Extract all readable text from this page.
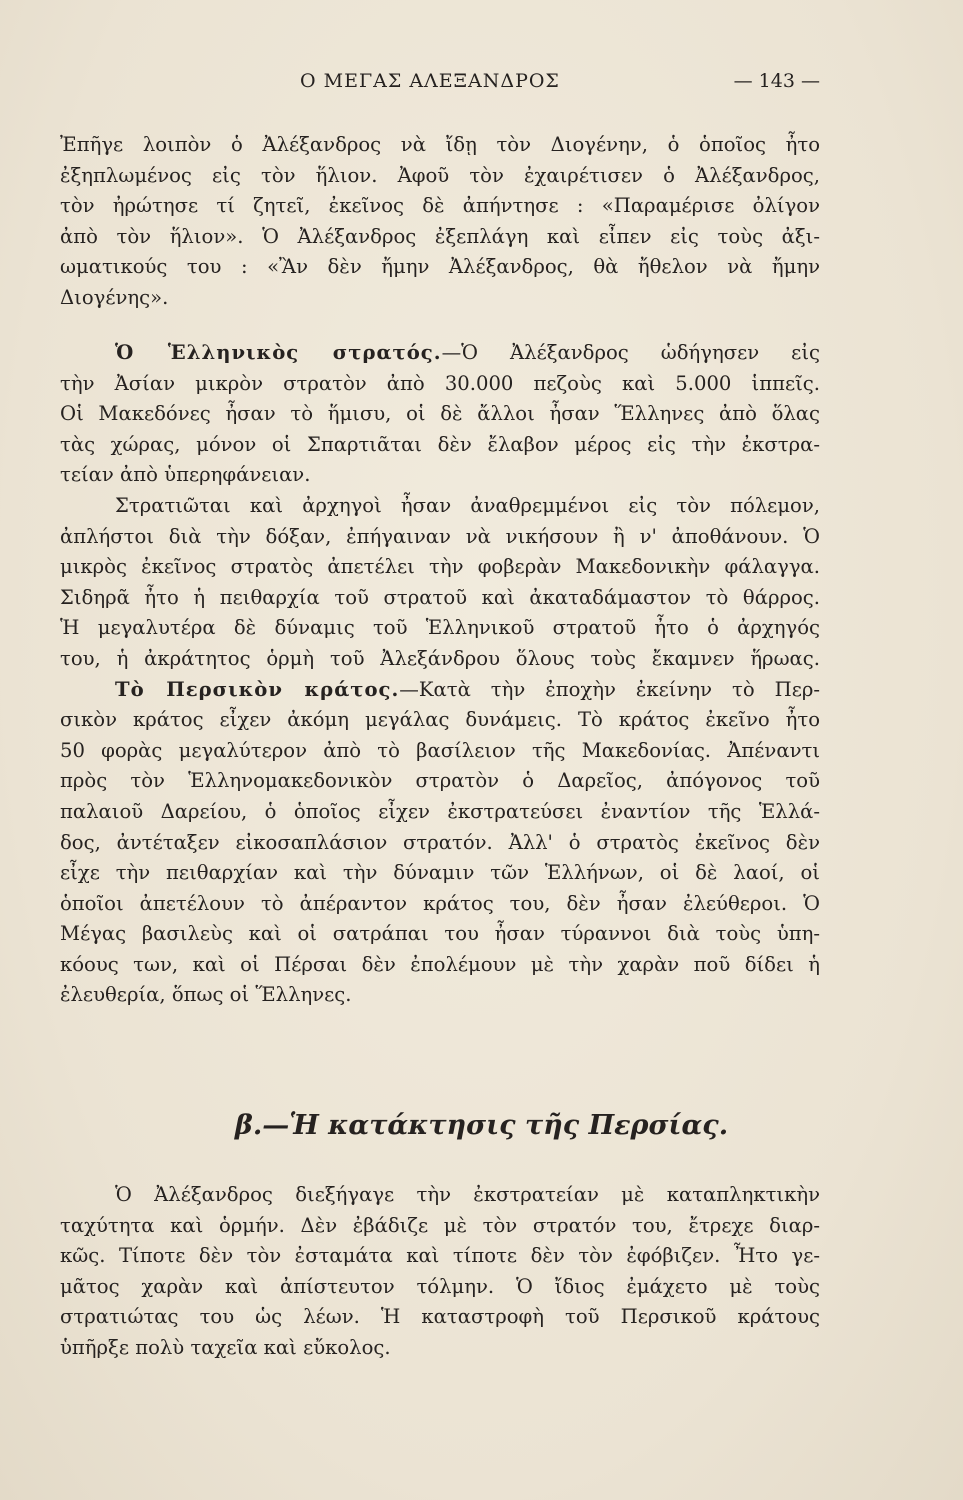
Ο ΜΕΓΑΣ ΑΛΕΞΑΝΔΡΟΣ	— 143 —
Ἐπῆγε λοιπὸν ὁ Ἀλέξανδρος νὰ ἴδῃ τὸν Διογένην, ὁ ὁποῖος ἦτο
ἐξηπλωμένος εἰς τὸν ἥλιον. Ἀφοῦ τὸν ἐχαιρέτισεν ὁ Ἀλέξανδρος,
τὸν ἠρώτησε τί ζητεῖ, ἐκεῖνος δὲ ἀπήντησε : «Παραμέρισε ὀλίγον
ἀπὸ τὸν ἥλιον». Ὁ Ἀλέξανδρος ἐξεπλάγη καὶ εἶπεν εἰς τοὺς ἀξι-
ωματικούς του : «Ἂν δὲν ἤμην Ἀλέξανδρος, θὰ ἤθελον νὰ ἤμην
Διογένης».
Ὁ Ἑλληνικὸς στρατός.—Ὁ Ἀλέξανδρος ὡδήγησεν εἰς
τὴν Ἀσίαν μικρὸν στρατὸν ἀπὸ 30.000 πεζοὺς καὶ 5.000 ἱππεῖς.
Οἱ Μακεδόνες ἦσαν τὸ ἥμισυ, οἱ δὲ ἄλλοι ἦσαν Ἕλληνες ἀπὸ ὅλας
τὰς χώρας, μόνον οἱ Σπαρτιᾶται δὲν ἔλαβον μέρος εἰς τὴν ἐκστρα-
τείαν ἀπὸ ὑπερηφάνειαν.
Στρατιῶται καὶ ἀρχηγοὶ ἦσαν ἀναθρεμμένοι εἰς τὸν πόλεμον,
ἀπλήστοι διὰ τὴν δόξαν, ἐπήγαιναν νὰ νικήσουν ἢ ν' ἀποθάνουν. Ὁ
μικρὸς ἐκεῖνος στρατὸς ἀπετέλει τὴν φοβερὰν Μακεδονικὴν φάλαγγα.
Σιδηρᾶ ἦτο ἡ πειθαρχία τοῦ στρατοῦ καὶ ἀκαταδάμαστον τὸ θάρρος.
Ἡ μεγαλυτέρα δὲ δύναμις τοῦ Ἑλληνικοῦ στρατοῦ ἦτο ὁ ἀρχηγός
του, ἡ ἀκράτητος ὁρμὴ τοῦ Ἀλεξάνδρου ὅλους τοὺς ἔκαμνεν ἥρωας.
Τὸ Περσικὸν κράτος.—Κατὰ τὴν ἐποχὴν ἐκείνην τὸ Περ-
σικὸν κράτος εἶχεν ἀκόμη μεγάλας δυνάμεις. Τὸ κράτος ἐκεῖνο ἦτο
50 φορὰς μεγαλύτερον ἀπὸ τὸ βασίλειον τῆς Μακεδονίας. Ἀπέναντι
πρὸς τὸν Ἑλληνομακεδονικὸν στρατὸν ὁ Δαρεῖος, ἀπόγονος τοῦ
παλαιοῦ Δαρείου, ὁ ὁποῖος εἶχεν ἐκστρατεύσει ἐναντίον τῆς Ἑλλά-
δος, ἀντέταξεν εἰκοσαπλάσιον στρατόν. Ἀλλ' ὁ στρατὸς ἐκεῖνος δὲν
εἶχε τὴν πειθαρχίαν καὶ τὴν δύναμιν τῶν Ἑλλήνων, οἱ δὲ λαοί, οἱ
ὁποῖοι ἀπετέλουν τὸ ἀπέραντον κράτος του, δὲν ἦσαν ἐλεύθεροι. Ὁ
Μέγας βασιλεὺς καὶ οἱ σατράπαι του ἦσαν τύραννοι διὰ τοὺς ὑπη-
κόους των, καὶ οἱ Πέρσαι δὲν ἐπολέμουν μὲ τὴν χαρὰν ποῦ δίδει ἡ
ἐλευθερία, ὅπως οἱ Ἕλληνες.
β.—Ἡ κατάκτησις τῆς Περσίας.
Ὁ Ἀλέξανδρος διεξήγαγε τὴν ἐκστρατείαν μὲ καταπληκτικὴν
ταχύτητα καὶ ὁρμήν. Δὲν ἐβάδιζε μὲ τὸν στρατόν του, ἔτρεχε διαρ-
κῶς. Τίποτε δὲν τὸν ἐσταμάτα καὶ τίποτε δὲν τὸν ἐφόβιζεν. Ἦτο γε-
μᾶτος χαρὰν καὶ ἀπίστευτον τόλμην. Ὁ ἴδιος ἐμάχετο μὲ τοὺς
στρατιώτας του ὡς λέων. Ἡ καταστροφὴ τοῦ Περσικοῦ κράτους
ὑπῆρξε πολὺ ταχεῖα καὶ εὔκολος.
